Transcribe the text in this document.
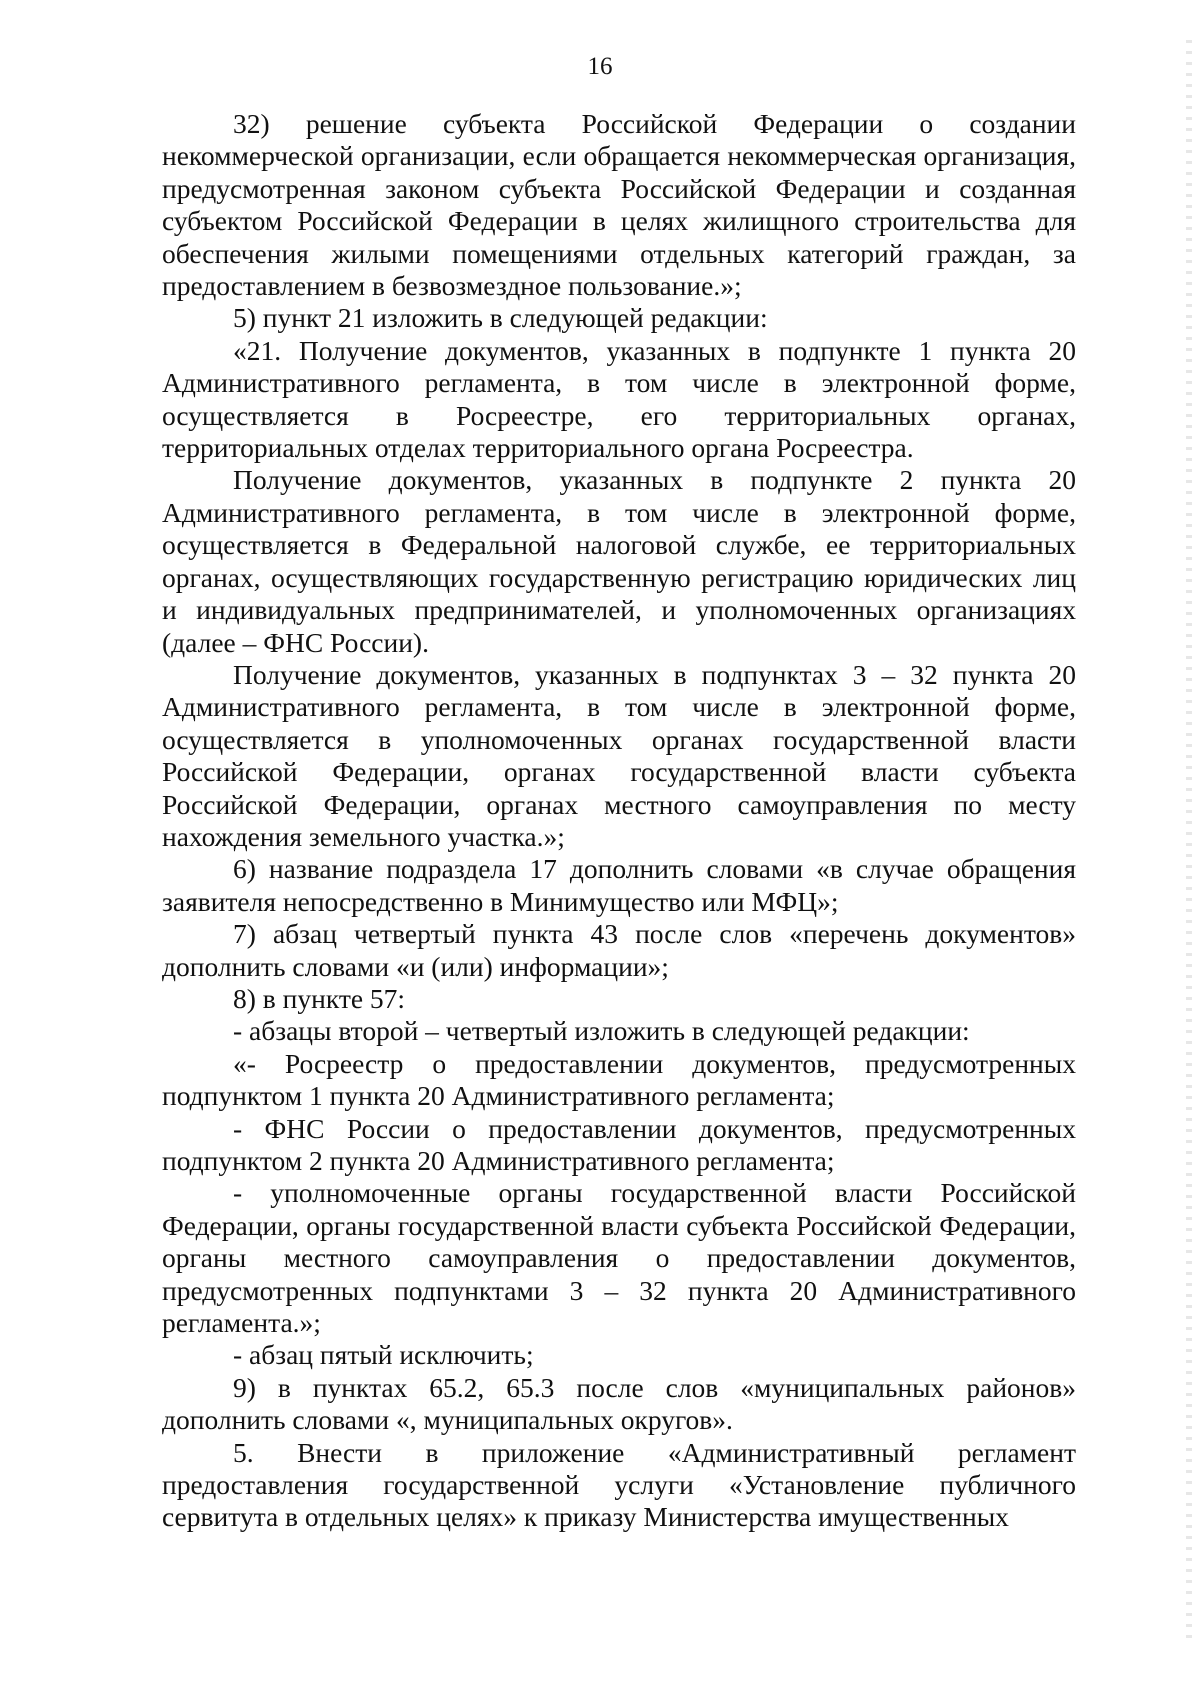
16

32) решение субъекта Российской Федерации о создании некоммерческой организации, если обращается некоммерческая организация, предусмотренная законом субъекта Российской Федерации и созданная субъектом Российской Федерации в целях жилищного строительства для обеспечения жилыми помещениями отдельных категорий граждан, за предоставлением в безвозмездное пользование.»;

5) пункт 21 изложить в следующей редакции:

«21. Получение документов, указанных в подпункте 1 пункта 20 Административного регламента, в том числе в электронной форме, осуществляется в Росреестре, его территориальных органах, территориальных отделах территориального органа Росреестра.

Получение документов, указанных в подпункте 2 пункта 20 Административного регламента, в том числе в электронной форме, осуществляется в Федеральной налоговой службе, ее территориальных органах, осуществляющих государственную регистрацию юридических лиц и индивидуальных предпринимателей, и уполномоченных организациях (далее – ФНС России).

Получение документов, указанных в подпунктах 3 – 32 пункта 20 Административного регламента, в том числе в электронной форме, осуществляется в уполномоченных органах государственной власти Российской Федерации, органах государственной власти субъекта Российской Федерации, органах местного самоуправления по месту нахождения земельного участка.»;

6) название подраздела 17 дополнить словами «в случае обращения заявителя непосредственно в Минимущество или МФЦ»;

7) абзац четвертый пункта 43 после слов «перечень документов» дополнить словами «и (или) информации»;

8) в пункте 57:

- абзацы второй – четвертый изложить в следующей редакции:

«- Росреестр о предоставлении документов, предусмотренных подпунктом 1 пункта 20 Административного регламента;

- ФНС России о предоставлении документов, предусмотренных подпунктом 2 пункта 20 Административного регламента;

- уполномоченные органы государственной власти Российской Федерации, органы государственной власти субъекта Российской Федерации, органы местного самоуправления о предоставлении документов, предусмотренных подпунктами 3 – 32 пункта 20 Административного регламента.»;

- абзац пятый исключить;

9) в пунктах 65.2, 65.3 после слов «муниципальных районов» дополнить словами «, муниципальных округов».

5. Внести в приложение «Административный регламент предоставления государственной услуги «Установление публичного сервитута в отдельных целях» к приказу Министерства имущественных
